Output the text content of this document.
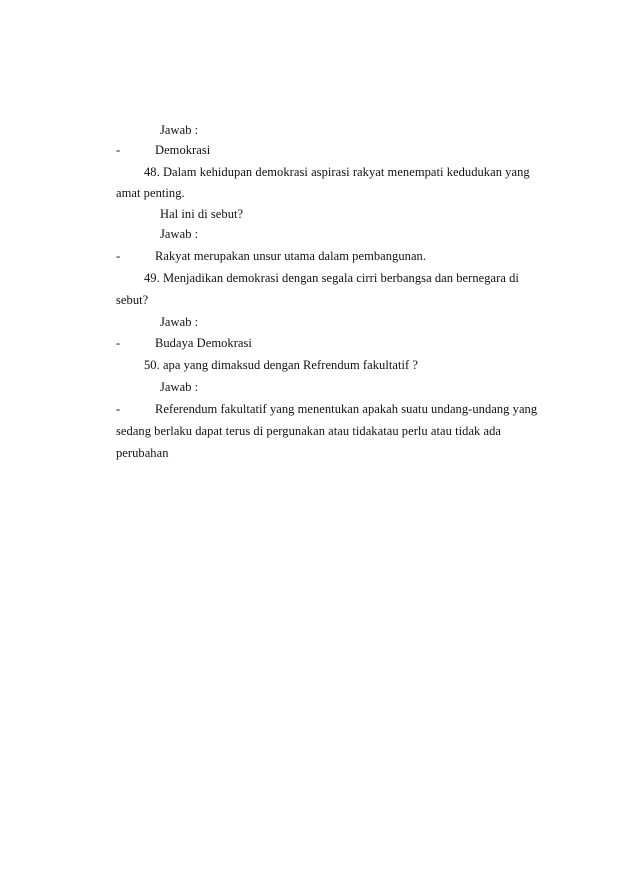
Jawab :
-	Demokrasi
48. Dalam kehidupan demokrasi aspirasi rakyat menempati kedudukan yang
amat penting.
Hal ini di sebut?
Jawab :
-	Rakyat merupakan unsur utama dalam pembangunan.
49. Menjadikan demokrasi dengan segala cirri berbangsa dan bernegara di
sebut?
Jawab :
-	Budaya Demokrasi
50. apa yang dimaksud dengan Refrendum fakultatif ?
Jawab :
-	Referendum fakultatif yang menentukan apakah suatu undang-undang yang
sedang berlaku dapat terus di pergunakan atau tidakatau perlu atau tidak ada
perubahan
